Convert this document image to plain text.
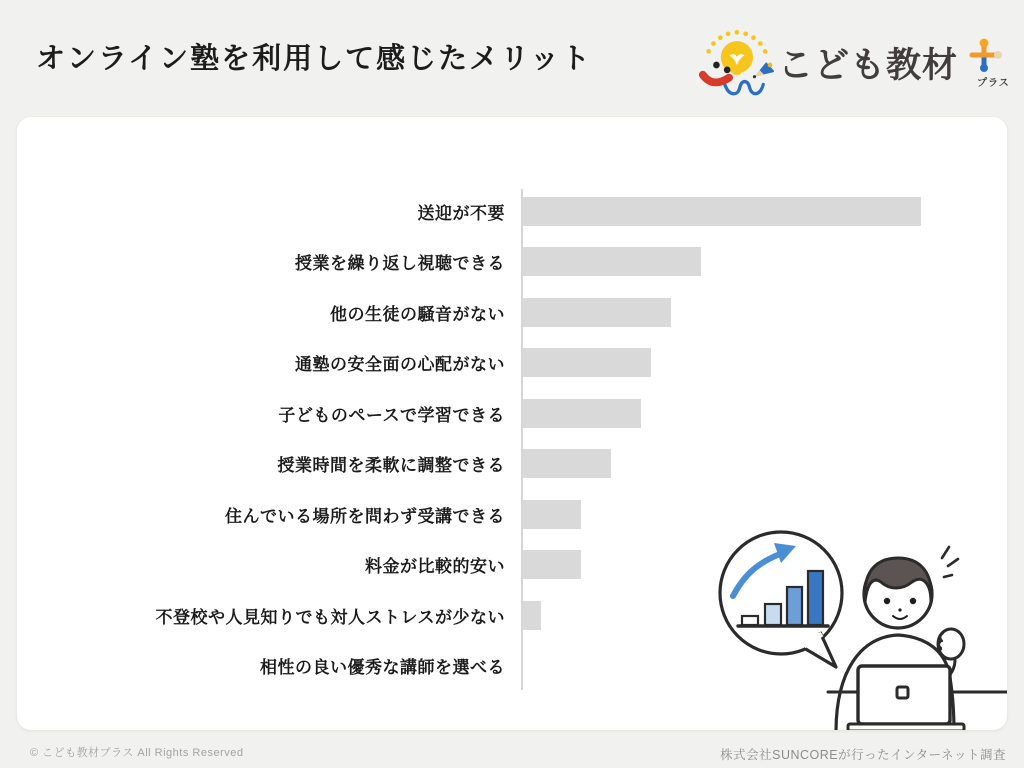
オンライン塾を利用して感じたメリット	こども教材 プラス
送迎が不要
授業を繰り返し視聴できる
他の生徒の騒音がない
通塾の安全面の心配がない
子どものペースで学習できる
授業時間を柔軟に調整できる
住んでいる場所を問わず受講できる
料金が比較的安い
不登校や人見知りでも対人ストレスが少ない
相性の良い優秀な講師を選べる
© こども教材プラス All Rights Reserved	株式会社SUNCOREが行ったインターネット調査
